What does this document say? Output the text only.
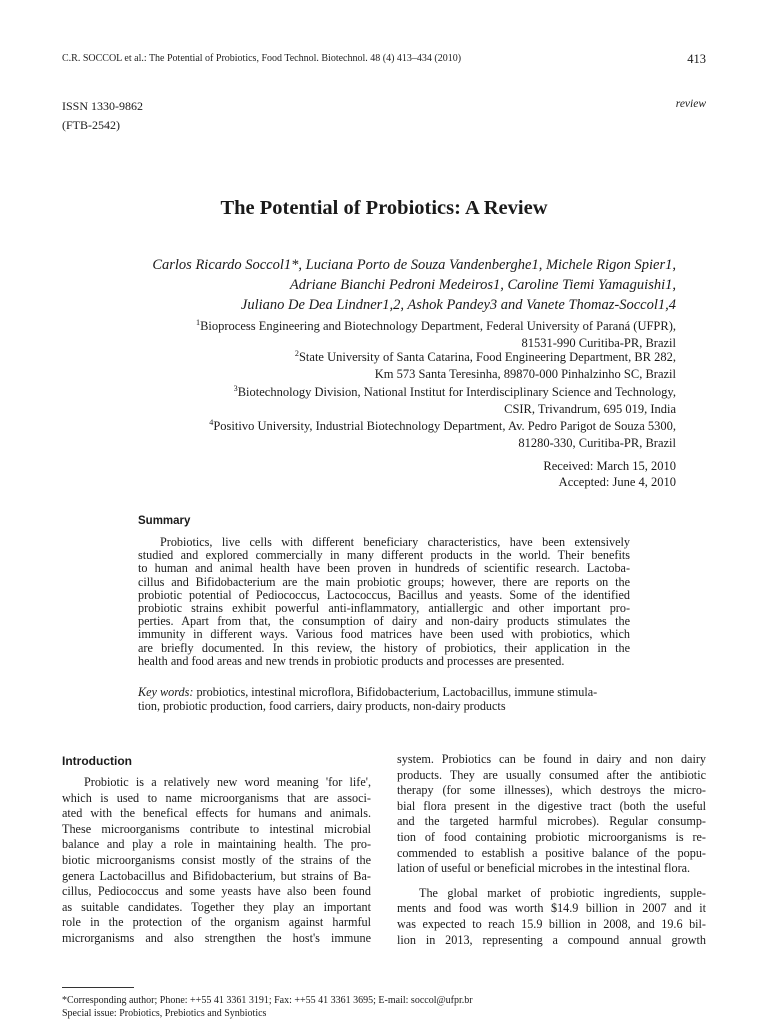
C.R. SOCCOL et al.: The Potential of Probiotics, Food Technol. Biotechnol. 48 (4) 413–434 (2010)	413
ISSN 1330-9862
(FTB-2542)
review
The Potential of Probiotics: A Review
Carlos Ricardo Soccol1*, Luciana Porto de Souza Vandenberghe1, Michele Rigon Spier1,
Adriane Bianchi Pedroni Medeiros1, Caroline Tiemi Yamaguishi1,
Juliano De Dea Lindner1,2, Ashok Pandey3 and Vanete Thomaz-Soccol1,4
$^1$Bioprocess Engineering and Biotechnology Department, Federal University of Paraná (UFPR),
81531-990 Curitiba-PR, Brazil
$^2$State University of Santa Catarina, Food Engineering Department, BR 282,
Km 573 Santa Teresinha, 89870-000 Pinhalzinho SC, Brazil
$^3$Biotechnology Division, National Institut for Interdisciplinary Science and Technology,
CSIR, Trivandrum, 695 019, India
$^4$Positivo University, Industrial Biotechnology Department, Av. Pedro Parigot de Souza 5300,
81280-330, Curitiba-PR, Brazil
Received: March 15, 2010
Accepted: June 4, 2010
Summary
Probiotics, live cells with different beneficiary characteristics, have been extensively
studied and explored commercially in many different products in the world. Their benefits
to human and animal health have been proven in hundreds of scientific research. Lactoba-
cillus and Bifidobacterium are the main probiotic groups; however, there are reports on the
probiotic potential of Pediococcus, Lactococcus, Bacillus and yeasts. Some of the identified
probiotic strains exhibit powerful anti-inflammatory, antiallergic and other important pro-
perties. Apart from that, the consumption of dairy and non-dairy products stimulates the
immunity in different ways. Various food matrices have been used with probiotics, which
are briefly documented. In this review, the history of probiotics, their application in the
health and food areas and new trends in probiotic products and processes are presented.
Key words: probiotics, intestinal microflora, Bifidobacterium, Lactobacillus, immune stimula-
tion, probiotic production, food carriers, dairy products, non-dairy products
Introduction
Probiotic is a relatively new word meaning 'for life',
which is used to name microorganisms that are associ-
ated with the benefical effects for humans and animals.
These microorganisms contribute to intestinal microbial
balance and play a role in maintaining health. The pro-
biotic microorganisms consist mostly of the strains of the
genera Lactobacillus and Bifidobacterium, but strains of Ba-
cillus, Pediococcus and some yeasts have also been found
as suitable candidates. Together they play an important
role in the protection of the organism against harmful
microrganisms and also strengthen the host's immune
system. Probiotics can be found in dairy and non dairy
products. They are usually consumed after the antibiotic
therapy (for some illnesses), which destroys the micro-
bial flora present in the digestive tract (both the useful
and the targeted harmful microbes). Regular consump-
tion of food containing probiotic microorganisms is re-
commended to establish a positive balance of the popu-
lation of useful or beneficial microbes in the intestinal flora.
The global market of probiotic ingredients, supple-
ments and food was worth $14.9 billion in 2007 and it
was expected to reach 15.9 billion in 2008, and 19.6 bil-
lion in 2013, representing a compound annual growth
*Corresponding author; Phone: ++55 41 3361 3191; Fax: ++55 41 3361 3695; E-mail: soccol@ufpr.br
Special issue: Probiotics, Prebiotics and Synbiotics
